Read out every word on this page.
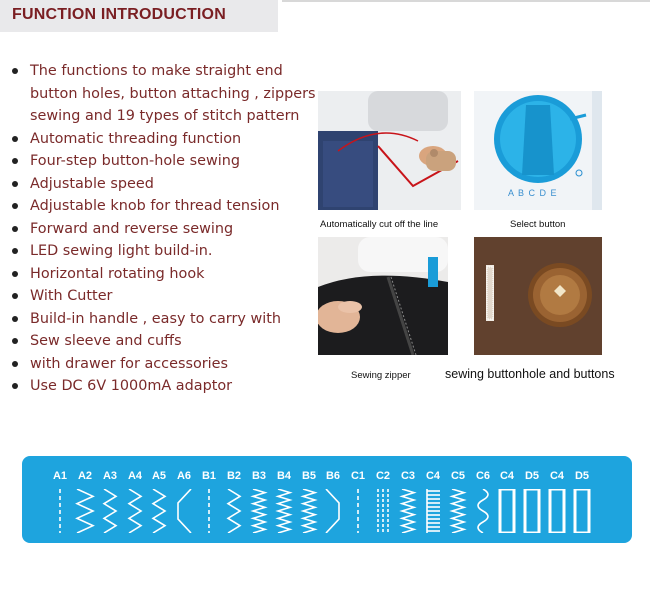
FUNCTION INTRODUCTION
The functions to make straight end button holes, button attaching , zippers sewing and 19 types of stitch pattern
Automatic threading function
Four-step button-hole sewing
Adjustable speed
Adjustable knob for thread tension
Forward and reverse sewing
LED sewing light build-in.
Horizontal rotating hook
With Cutter
Build-in handle , easy to carry with
Sew sleeve and cuffs
with drawer for accessories
Use DC 6V 1000mA adaptor
Automatically cut off the line
A B C D E
Select button
Sewing zipper	sewing buttonhole and buttons
A1 A2 A3 A4 A5 A6 B1 B2 B3 B4 B5 B6 C1 C2 C3 C4 C5 C6 C4 D5 C4 D5
